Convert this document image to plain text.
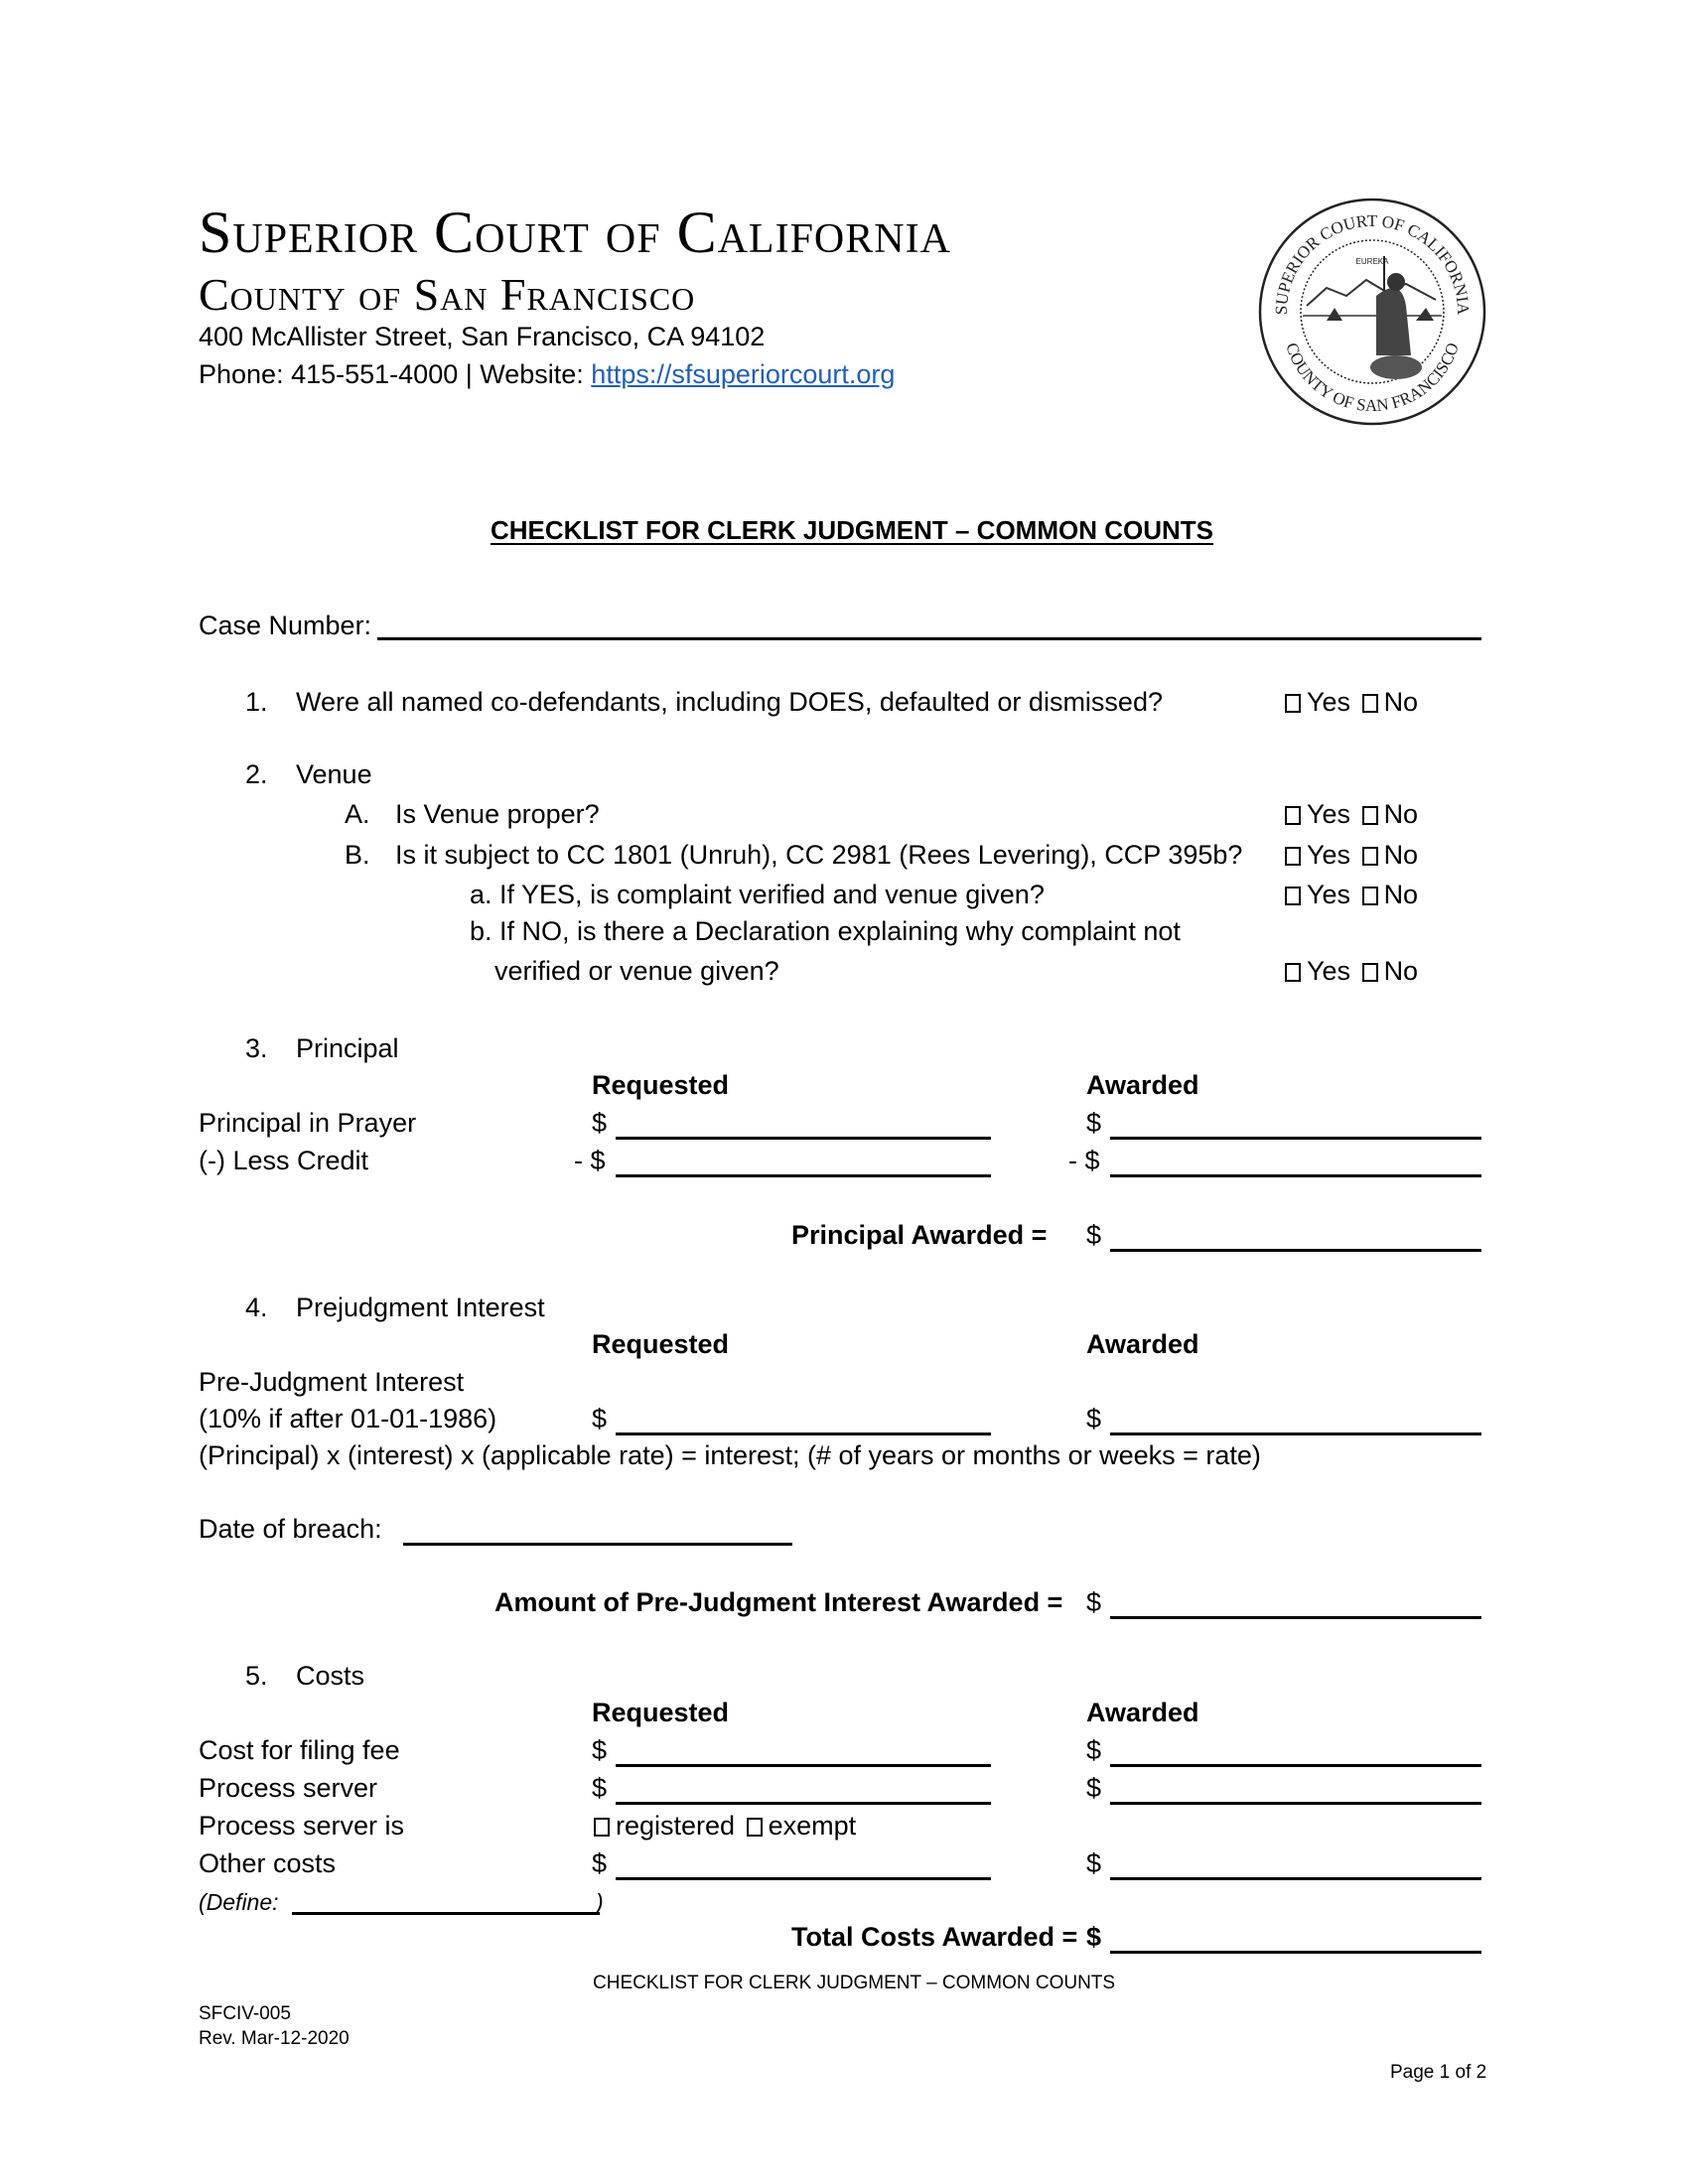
Superior Court of California
County of San Francisco
400 McAllister Street, San Francisco, CA 94102
Phone: 415-551-4000 | Website: https://sfsuperiorcourt.org
SUPERIOR COURT OF CALIFORNIA
COUNTY OF SAN FRANCISCO
EUREKA
CHECKLIST FOR CLERK JUDGMENT – COMMON COUNTS
Case Number:
1. Were all named co-defendants, including DOES, defaulted or dismissed?	Yes No
2. Venue
A. Is Venue proper?	Yes No
B. Is it subject to CC 1801 (Unruh), CC 2981 (Rees Levering), CCP 395b?	Yes No
a. If YES, is complaint verified and venue given?	Yes No
b. If NO, is there a Declaration explaining why complaint not
verified or venue given?	Yes No
3. Principal
Requested	Awarded
Principal in Prayer	$	$
(-) Less Credit	- $	- $
Principal Awarded = $
4. Prejudgment Interest
Requested	Awarded
Pre-Judgment Interest
(10% if after 01-01-1986)	$	$
(Principal) x (interest) x (applicable rate) = interest; (# of years or months or weeks = rate)
Date of breach:
Amount of Pre-Judgment Interest Awarded = $
5. Costs
Requested	Awarded
Cost for filing fee	$	$
Process server	$	$
Process server is	registered exempt
Other costs	$	$
(Define:	)
Total Costs Awarded = $
CHECKLIST FOR CLERK JUDGMENT – COMMON COUNTS
SFCIV-005
Rev. Mar-12-2020
Page 1 of 2
